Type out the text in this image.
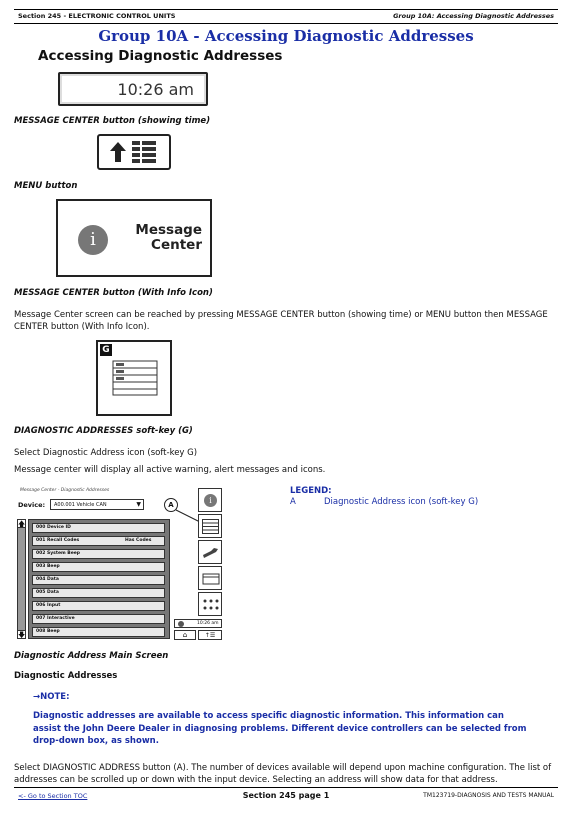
Section 245 - ELECTRONIC CONTROL UNITS	Group 10A: Accessing Diagnostic Addresses
Group 10A - Accessing Diagnostic Addresses
Accessing Diagnostic Addresses
10:26 am
MESSAGE CENTER button (showing time)
MENU button
i	Message
Center
MESSAGE CENTER button (With Info Icon)
Message Center screen can be reached by pressing MESSAGE CENTER button (showing time) or MENU button then MESSAGE CENTER button (With Info Icon).
G
DIAGNOSTIC ADDRESSES soft-key (G)
Select Diagnostic Address icon (soft-key G)
Message center will display all active warning, alert messages and icons.
Message Center - Diagnostic Addresses
Device: A00.001 Vehicle CAN	▼	A
🡅
🡇
000 Device ID
001 Recall Codes	Has Codes
002 System Beep
003 Beep
004 Data
005 Data
006 Input
007 Interactive
008 Beep
i
10:26 am
⌂	↑☰
LEGEND:
A	Diagnostic Address icon (soft-key G)
Diagnostic Address Main Screen
Diagnostic Addresses
→NOTE:
Diagnostic addresses are available to access specific diagnostic information. This information can assist the John Deere Dealer in diagnosing problems. Different device controllers can be selected from drop-down box, as shown.
Select DIAGNOSTIC ADDRESS button (A). The number of devices available will depend upon machine configuration. The list of addresses can be scrolled up or down with the input device. Selecting an address will show data for that address.
<- Go to Section TOC	Section 245 page 1	TM123719-DIAGNOSIS AND TESTS MANUAL
